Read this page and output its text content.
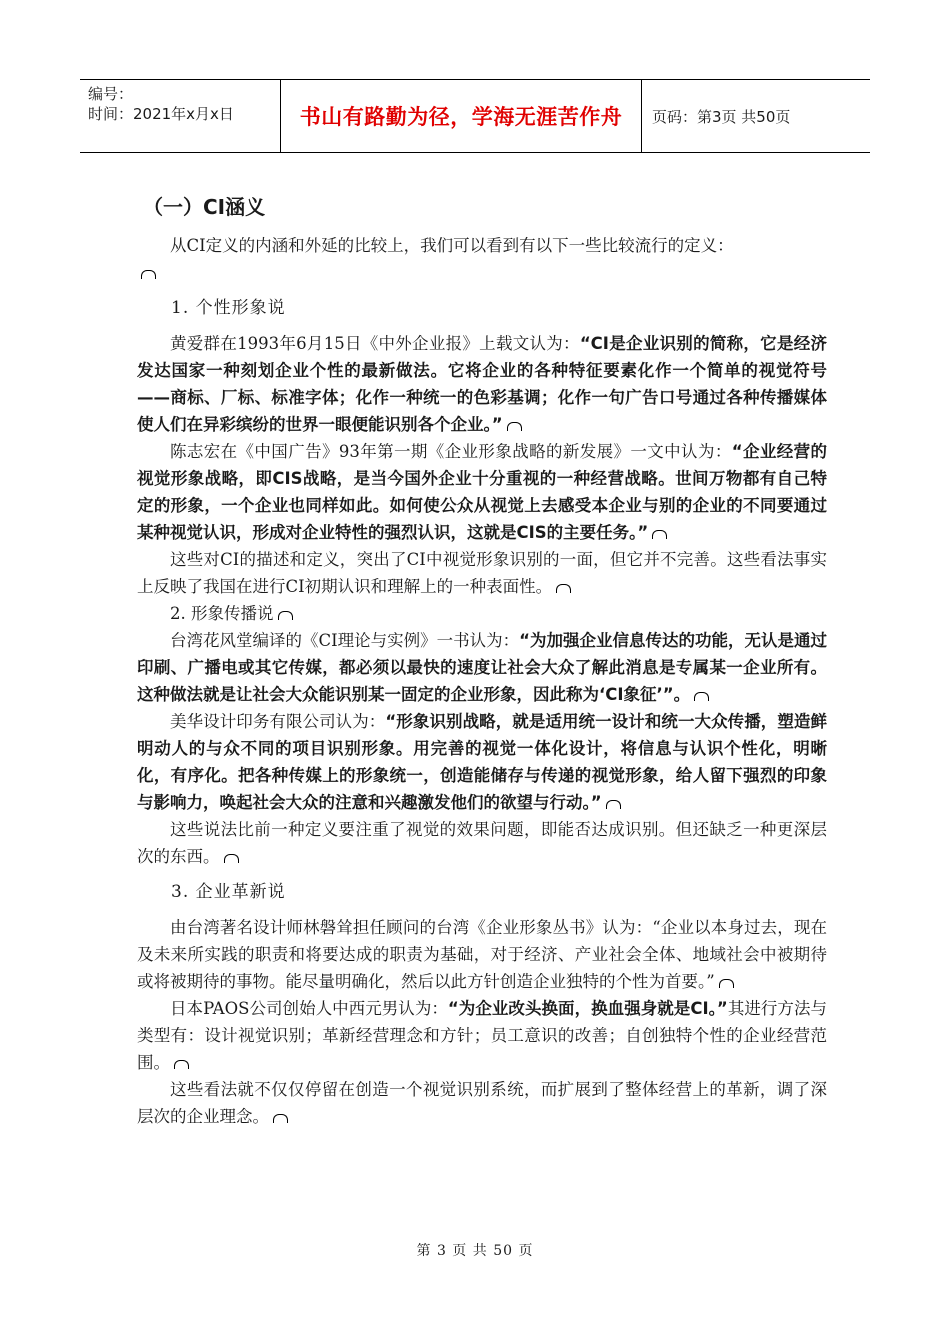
编号：
时间：2021年x月x日	书山有路勤为径，学海无涯苦作舟	页码：第3页 共50页
（一）CI涵义

从CI定义的内涵和外延的比较上，我们可以看到有以下一些比较流行的定义：

1. 个性形象说

黄爱群在1993年6月15日《中外企业报》上载文认为：“CI是企业识别的简称，它是经济发达国家一种刻划企业个性的最新做法。它将企业的各种特征要素化作一个简单的视觉符号——商标、厂标、标准字体；化作一种统一的色彩基调；化作一句广告口号通过各种传播媒体使人们在异彩缤纷的世界一眼便能识别各个企业。”

陈志宏在《中国广告》93年第一期《企业形象战略的新发展》一文中认为：“企业经营的视觉形象战略，即CIS战略，是当今国外企业十分重视的一种经营战略。世间万物都有自己特定的形象，一个企业也同样如此。如何使公众从视觉上去感受本企业与别的企业的不同要通过某种视觉认识，形成对企业特性的强烈认识，这就是CIS的主要任务。”

这些对CI的描述和定义，突出了CI中视觉形象识别的一面，但它并不完善。这些看法事实上反映了我国在进行CI初期认识和理解上的一种表面性。

2. 形象传播说

台湾花风堂编译的《CI理论与实例》一书认为：“为加强企业信息传达的功能，无认是通过印刷、广播电或其它传媒，都必须以最快的速度让社会大众了解此消息是专属某一企业所有。这种做法就是让社会大众能识别某一固定的企业形象，因此称为‘CI象征’”。

美华设计印务有限公司认为：“形象识别战略，就是适用统一设计和统一大众传播，塑造鲜明动人的与众不同的项目识别形象。用完善的视觉一体化设计，将信息与认识个性化，明晰化，有序化。把各种传媒上的形象统一，创造能储存与传递的视觉形象，给人留下强烈的印象与影响力，唤起社会大众的注意和兴趣激发他们的欲望与行动。”

这些说法比前一种定义要注重了视觉的效果问题，即能否达成识别。但还缺乏一种更深层次的东西。

3. 企业革新说

由台湾著名设计师林磐耸担任顾问的台湾《企业形象丛书》认为：“企业以本身过去，现在及未来所实践的职责和将要达成的职责为基础，对于经济、产业社会全体、地域社会中被期待或将被期待的事物。能尽量明确化，然后以此方针创造企业独特的个性为首要。”

日本PAOS公司创始人中西元男认为：“为企业改头换面，换血强身就是CI。”其进行方法与类型有：设计视觉识别；革新经营理念和方针；员工意识的改善；自创独特个性的企业经营范围。

这些看法就不仅仅停留在创造一个视觉识别系统，而扩展到了整体经营上的革新，调了深层次的企业理念。

第 3 页 共 50 页
